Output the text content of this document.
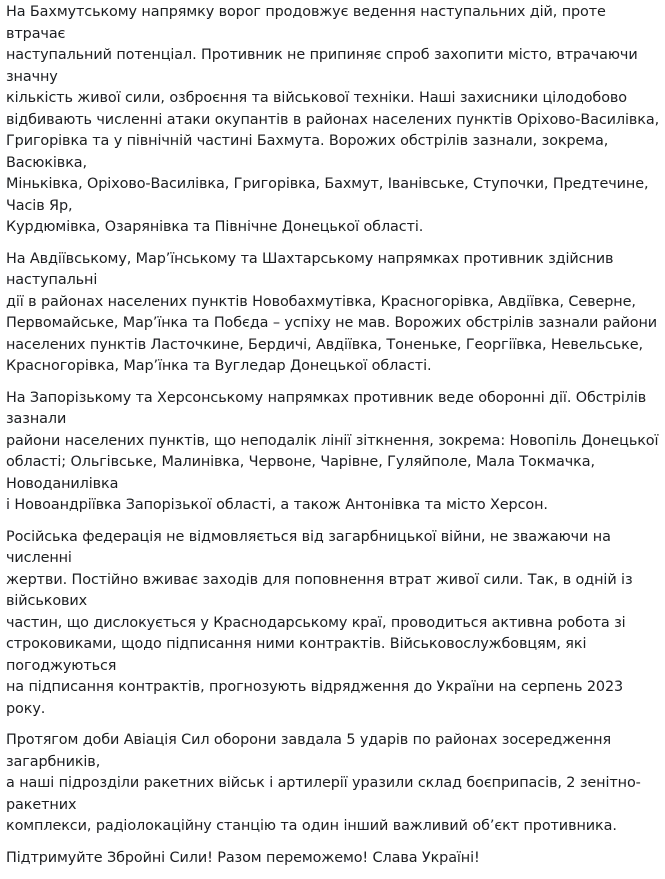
На Бахмутському напрямку ворог продовжує ведення наступальних дій, проте втрачає
наступальний потенціал. Противник не припиняє спроб захопити місто, втрачаючи значну
кількість живої сили, озброєння та військової техніки. Наші захисники цілодобово
відбивають численні атаки окупантів в районах населених пунктів Оріхово-Василівка,
Григорівка та у північній частині Бахмута. Ворожих обстрілів зазнали, зокрема, Васюківка,
Міньківка, Оріхово-Василівка, Григорівка, Бахмут, Іванівське, Ступочки, Предтечине, Часів Яр,
Курдюмівка, Озарянівка та Північне Донецької області.

На Авдіївському, Мар’їнському та Шахтарському напрямках противник здійснив наступальні
дії в районах населених пунктів Новобахмутівка, Красногорівка, Авдіївка, Северне,
Первомайське, Мар’їнка та Побєда – успіху не мав. Ворожих обстрілів зазнали райони
населених пунктів Ласточкине, Бердичі, Авдіївка, Тоненьке, Георгіївка, Невельське,
Красногорівка, Мар’їнка та Вугледар Донецької області.

На Запорізькому та Херсонському напрямках противник веде оборонні дії. Обстрілів зазнали
райони населених пунктів, що неподалік лінії зіткнення, зокрема: Новопіль Донецької
області; Ольгівське, Малинівка, Червоне, Чарівне, Гуляйполе, Мала Токмачка, Новоданилівка
і Новоандріївка Запорізької області, а також Антонівка та місто Херсон.

Російська федерація не відмовляється від загарбницької війни, не зважаючи на численні
жертви. Постійно вживає заходів для поповнення втрат живої сили. Так, в одній із військових
частин, що дислокується у Краснодарському краї, проводиться активна робота зі
строковиками, щодо підписання ними контрактів. Військовослужбовцям, які погоджуються
на підписання контрактів, прогнозують відрядження до України на серпень 2023 року.

Протягом доби Авіація Сил оборони завдала 5 ударів по районах зосередження загарбників,
а наші підрозділи ракетних військ і артилерії уразили склад боєприпасів, 2 зенітно-ракетних
комплекси, радіолокаційну станцію та один інший важливий об’єкт противника.

Підтримуйте Збройні Сили! Разом переможемо! Слава Україні!
